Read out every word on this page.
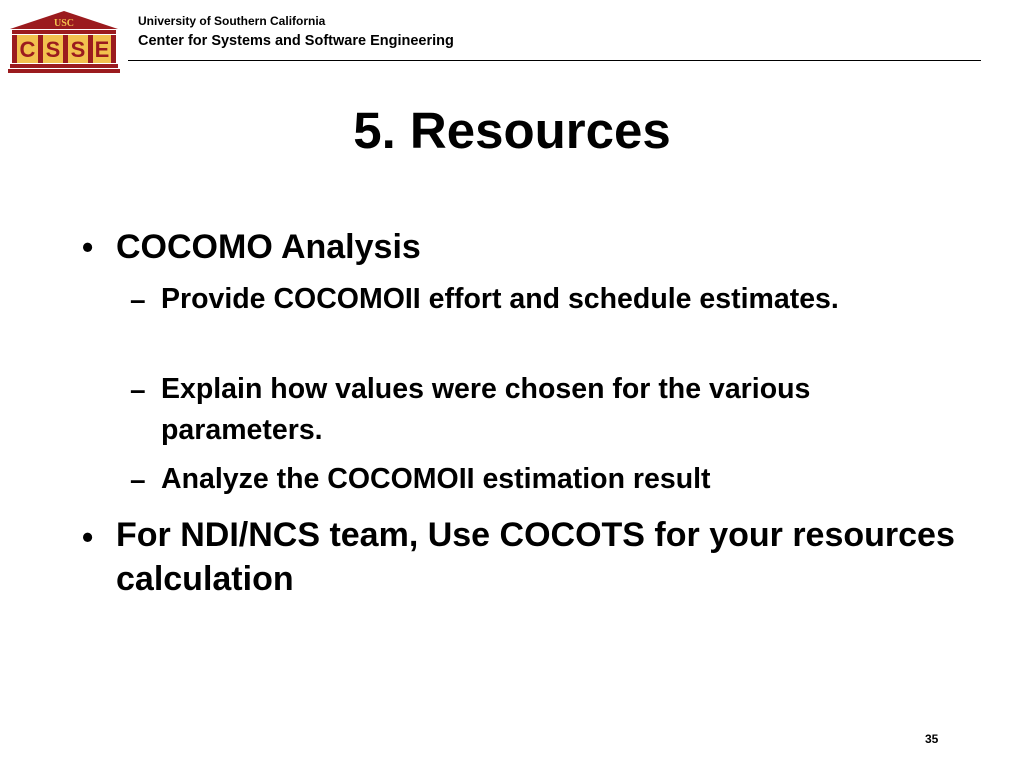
USC
C S S E
University of Southern California
Center for Systems and Software Engineering
5. Resources
• COCOMO Analysis
– Provide COCOMOII effort and schedule estimates.
– Explain how values were chosen for the various parameters.
– Analyze the COCOMOII estimation result
• For NDI/NCS team, Use COCOTS for your resources calculation
35
